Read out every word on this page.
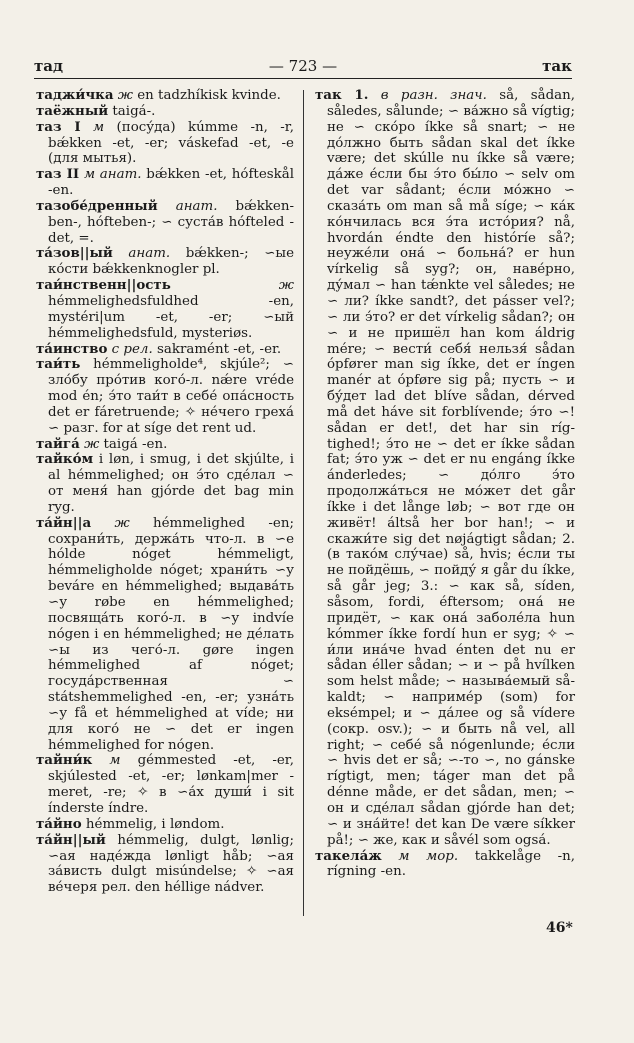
тад	— 723 —	так

таджи́чка ж en tadzhíkisk kvinde.

таёжный taigá-.

таз I м (посу́да) kúmme -n, -r, bǽkken -et, -er; váskefad -et, -e (для мытья).

таз II м анат. bǽkken -et, hófteskål -en.

тазобе́дренный анат. bǽkken-ben-, hófteben-; ∽ суста́в hófteled -det, =.

та́зов||ый анат. bǽkken-; ∽ые ко́сти bǽkkenknogler pl.

таи́нственн||ость	ж hémmelighedsfuldhed -en, mystéri|um -et, -er; ∽ый hémmelighedsfuld, mysteriøs.

та́инство с рел. sakramént -et, -er.

таи́ть hémmeligholde⁴, skjúle²; ∽ зло́бу про́тив кого́-л. nǽre vréde mod én; э́то таи́т в себе́ опа́сность det er fáretruende; ✧ не́чего греха́ ∽ разг. for at síge det rent ud.

тайга́ ж taigá -en.

тайко́м i løn, i smug, i det skjúlte, i al hémmelighed; он э́то сде́лал ∽ от меня́ han gjórde det bag min ryg.

та́йн||а ж hémmelighed -en; сохрани́ть, держа́ть что-л. в ∽е hólde nóget hémmeligt, hémmeligholde nóget; храни́ть ∽у beváre en hémmelighed; выдава́ть ∽у røbe en hémmelighed; посвяща́ть кого́-л. в ∽у indvíe nógen i en hémmelighed; не де́лать ∽ы из чего́-л. gøre ingen hémmelighed af nóget; госуда́рственная ∽ státshemmelighed -en, -er; узна́ть ∽у få et hémmelighed at víde; ни для кого́ не ∽ det er ingen hémmelighed for nógen.

тайни́к м gémmested -et, -er, skjúlested -et, -er; lønkam|mer -meret, -re; ✧ в ∽а́х души́ i sit índerste índre.

та́йно hémmelig, i løndom.

та́йн||ый hémmelig, dulgt, lønlig; ∽ая наде́жда lønligt håb; ∽ая за́висть dulgt misúndelse; ✧ ∽ая ве́черя рел. den héllige nádver.

так 1. в разн. знач. så, sådan, således, sålunde; ∽ ва́жно så vígtig; не ∽ ско́ро íkke så snart; ∽ не до́лжно быть sådan skal det íkke være; det skúlle nu íkke så være; да́же е́сли бы э́то бы́ло ∽ selv om det var sådant; е́сли мо́жно ∽ сказа́ть om man så må síge; ∽ ка́к ко́нчилась вся э́та исто́рия? nå, hvordán éndte den históríe så?; неуже́ли она́ ∽ больна́? er hun vírkelig så syg?; он, наве́рно, ду́мал ∽ han tǽnkte vel således; не ∽ ли? íkke sandt?, det pásser vel?; ∽ ли э́то? er det vírkelig sådan?; он ∽ и не пришёл han kom áldrig mére; ∽ вести́ себя́ нельзя́ sådan ópfører man sig íkke, det er íngen manér at ópføre sig på; пусть ∽ и бу́дет lad det blíve sådan, dérved må det háve sit forblívende; э́то ∽! sådan er det!, det har sin rígtighed!; э́то не ∽ det er íkke sådan fat; э́то уж ∽ det er nu engáng íkke ánderledes; ∽ до́лго э́то продолжа́ться не мо́жет det går íkke i det långe løb; ∽ вот где он живёт! áltså her bor han!; ∽ и скажи́те sig det nøjágtigt sådan; 2. (в тако́м слу́чае) så, hvis; е́сли ты не пойдёшь, ∽ пойду́ я går du íkke, så går jeg; 3.: ∽ как så, síden, såsom, fordi, éftersom; она́ не придёт, ∽ как она́ заболе́ла hun kómmer íkke fordí hun er syg; ✧ ∽ и́ли ина́че hvad énten det nu er sådan éller sådan; ∽ и ∽ på hvílken som helst måde; ∽ называ́емый såkaldt; ∽ наприме́р (som) for eksémpel; и ∽ да́лее og så vídere (сокр. osv.); ∽ и быть nå vel, all right; ∽ себе́ så nógenlunde; е́сли ∽ hvis det er så; ∽-то ∽, no gánske rígtigt, men; táger man det på dénne måde, er det sådan, men; ∽ он и сде́лал sådan gjórde han det; ∽ и зна́йте! det kan De være síkker på!; ∽ же, как и såvél som ogsá.

такела́ж м мор. takkelåge -n, rígning -en.

46*
